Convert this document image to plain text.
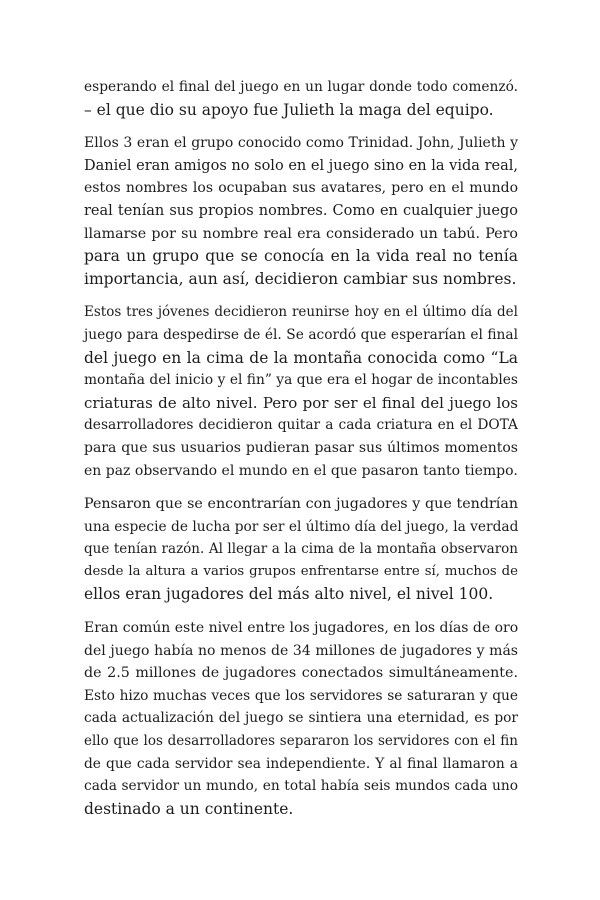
esperando el final del juego en un lugar donde todo comenzó.
– el que dio su apoyo fue Julieth la maga del equipo.

Ellos 3 eran el grupo conocido como Trinidad. John, Julieth y
Daniel eran amigos no solo en el juego sino en la vida real,
estos nombres los ocupaban sus avatares, pero en el mundo
real tenían sus propios nombres. Como en cualquier juego
llamarse por su nombre real era considerado un tabú. Pero
para un grupo que se conocía en la vida real no tenía
importancia, aun así, decidieron cambiar sus nombres.

Estos tres jóvenes decidieron reunirse hoy en el último día del
juego para despedirse de él. Se acordó que esperarían el final
del juego en la cima de la montaña conocida como “La
montaña del inicio y el fin” ya que era el hogar de incontables
criaturas de alto nivel. Pero por ser el final del juego los
desarrolladores decidieron quitar a cada criatura en el DOTA
para que sus usuarios pudieran pasar sus últimos momentos
en paz observando el mundo en el que pasaron tanto tiempo.

Pensaron que se encontrarían con jugadores y que tendrían
una especie de lucha por ser el último día del juego, la verdad
que tenían razón. Al llegar a la cima de la montaña observaron
desde la altura a varios grupos enfrentarse entre sí, muchos de
ellos eran jugadores del más alto nivel, el nivel 100.

Eran común este nivel entre los jugadores, en los días de oro
del juego había no menos de 34 millones de jugadores y más
de 2.5 millones de jugadores conectados simultáneamente.
Esto hizo muchas veces que los servidores se saturaran y que
cada actualización del juego se sintiera una eternidad, es por
ello que los desarrolladores separaron los servidores con el fin
de que cada servidor sea independiente. Y al final llamaron a
cada servidor un mundo, en total había seis mundos cada uno
destinado a un continente.
